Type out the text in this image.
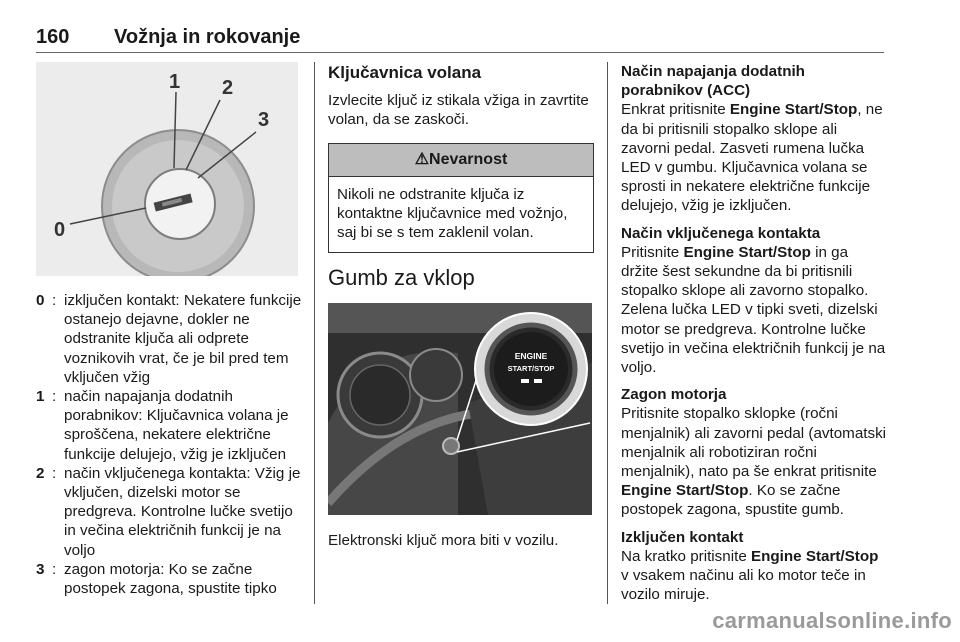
160 Vožnja in rokovanje
1 2
3
0
0 : izključen kontakt: Nekatere funkcije ostanejo dejavne, dokler ne odstranite ključa ali odprete voznikovih vrat, če je bil pred tem vključen vžig
1 : način napajanja dodatnih porabnikov: Ključavnica volana je sproščena, nekatere električne funkcije delujejo, vžig je izključen
2 : način vključenega kontakta: Vžig je vključen, dizelski motor se predgreva. Kontrolne lučke svetijo in večina električnih funkcij je na voljo
3 : zagon motorja: Ko se začne postopek zagona, spustite tipko
Ključavnica volana

Izvlecite ključ iz stikala vžiga in zavrtite volan, da se zaskoči.

⚠Nevarnost
Nikoli ne odstranite ključa iz kontaktne ključavnice med vožnjo, saj bi se s tem zaklenil volan.
Gumb za vklop
ENGINE
START/STOP

Elektronski ključ mora biti v vozilu.

Način napajanja dodatnih porabnikov (ACC)

Enkrat pritisnite Engine Start/Stop, ne da bi pritisnili stopalko sklope ali zavorni pedal. Zasveti rumena lučka LED v gumbu. Ključavnica volana se sprosti in nekatere električne funkcije delujejo, vžig je izključen.

Način vključenega kontakta

Pritisnite Engine Start/Stop in ga držite šest sekundne da bi pritisnili stopalko sklope ali zavorno stopalko. Zelena lučka LED v tipki sveti, dizelski motor se predgreva. Kontrolne lučke svetijo in večina električnih funkcij je na voljo.

Zagon motorja

Pritisnite stopalko sklopke (ročni menjalnik) ali zavorni pedal (avtomatski menjalnik ali robotiziran ročni menjalnik), nato pa še enkrat pritisnite Engine Start/Stop. Ko se začne postopek zagona, spustite gumb.

Izključen kontakt

Na kratko pritisnite Engine Start/Stop v vsakem načinu ali ko motor teče in vozilo miruje.

carmanualsonline.info
